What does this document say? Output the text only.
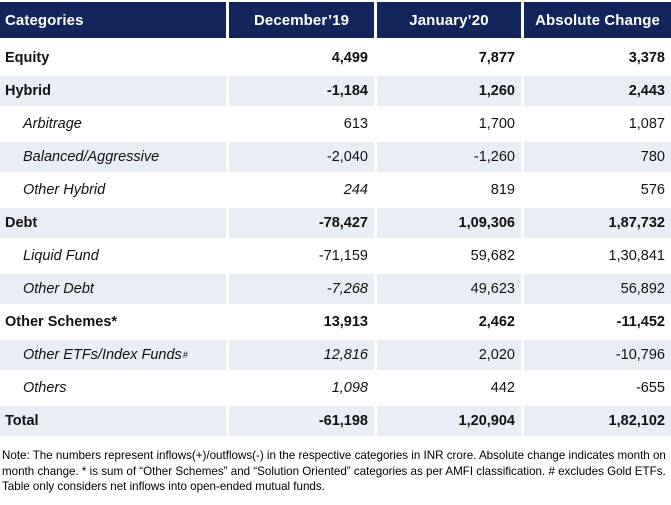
Categories	December’19	January’20	Absolute Change
Equity	4,499	7,877	3,378
Hybrid	-1,184	1,260	2,443
Arbitrage	613	1,700	1,087
Balanced/Aggressive	-2,040	-1,260	780
Other Hybrid	244	819	576
Debt	-78,427	1,09,306	1,87,732
Liquid Fund	-71,159	59,682	1,30,841
Other Debt	-7,268	49,623	56,892
Other Schemes*	13,913	2,462	-11,452
Other ETFs/Index Funds #	12,816	2,020	-10,796
Others	1,098	442	-655
Total	-61,198	1,20,904	1,82,102
Note: The numbers represent inflows(+)/outflows(-) in the respective categories in INR crore. Absolute change indicates month on month change. * is sum of “Other Schemes” and “Solution Oriented” categories as per AMFI classification. # excludes Gold ETFs. Table only considers net inflows into open-ended mutual funds.
